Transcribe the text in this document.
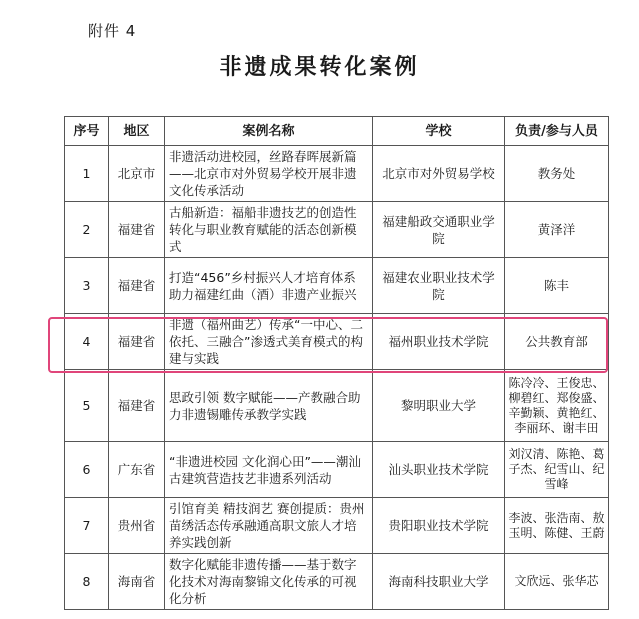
附件 4
非遗成果转化案例
序号	地区	案例名称	学校	负责/参与人员
1	北京市	非遗活动进校园，丝路春晖展新篇——北京市对外贸易学校开展非遗文化传承活动	北京市对外贸易学校	教务处
2	福建省	古船新造：福船非遗技艺的创造性转化与职业教育赋能的活态创新模式	福建船政交通职业学院	黄泽洋
3	福建省	打造“456”乡村振兴人才培育体系 助力福建红曲（酒）非遗产业振兴	福建农业职业技术学院	陈丰
4	福建省	非遗（福州曲艺）传承“一中心、二依托、三融合”渗透式美育模式的构建与实践	福州职业技术学院	公共教育部
5	福建省	思政引领 数字赋能——产教融合助力非遗锡雕传承教学实践	黎明职业大学	陈冷冷、王俊忠、柳碧红、郑俊盛、辛勤颖、黄艳红、李丽环、谢丰田
6	广东省	“非遗进校园 文化润心田”——潮汕古建筑营造技艺非遗系列活动	汕头职业技术学院	刘汉清、陈艳、葛子杰、纪雪山、纪雪峰
7	贵州省	引馆育美 精技润艺 赛创提质：贵州苗绣活态传承融通高职文旅人才培养实践创新	贵阳职业技术学院	李波、张浩南、敖玉明、陈健、王蔚
8	海南省	数字化赋能非遗传播——基于数字化技术对海南黎锦文化传承的可视化分析	海南科技职业大学	文欣远、张华芯
